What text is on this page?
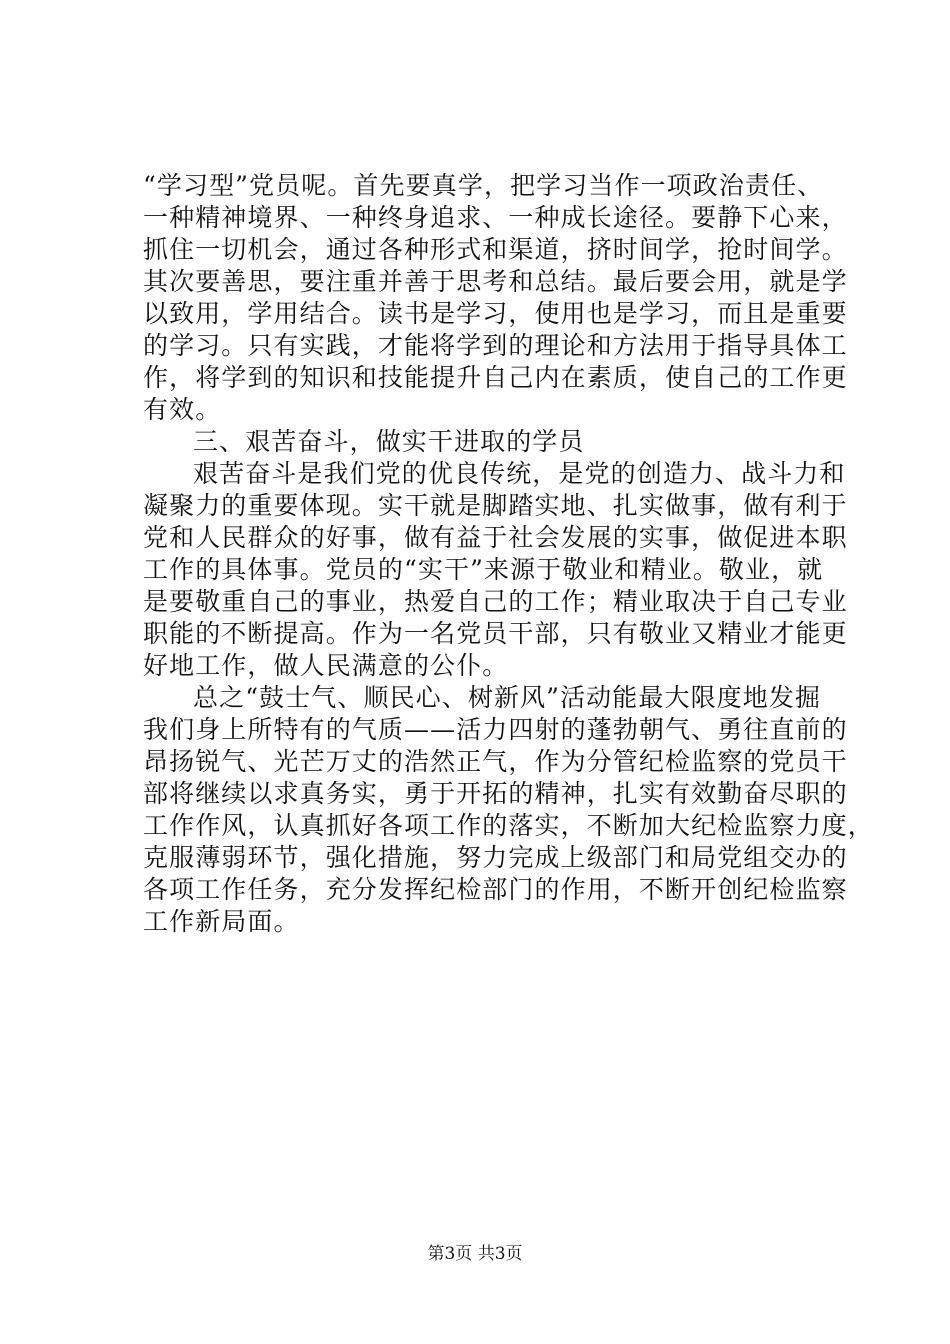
“学习型”党员呢。首先要真学，把学习当作一项政治责任、
一种精神境界、一种终身追求、一种成长途径。要静下心来，
抓住一切机会，通过各种形式和渠道，挤时间学，抢时间学。
其次要善思，要注重并善于思考和总结。最后要会用，就是学
以致用，学用结合。读书是学习，使用也是学习，而且是重要
的学习。只有实践，才能将学到的理论和方法用于指导具体工
作，将学到的知识和技能提升自己内在素质，使自己的工作更
有效。
三、艰苦奋斗，做实干进取的学员
艰苦奋斗是我们党的优良传统，是党的创造力、战斗力和
凝聚力的重要体现。实干就是脚踏实地、扎实做事，做有利于
党和人民群众的好事，做有益于社会发展的实事，做促进本职
工作的具体事。党员的“实干”来源于敬业和精业。敬业，就
是要敬重自己的事业，热爱自己的工作；精业取决于自己专业
职能的不断提高。作为一名党员干部，只有敬业又精业才能更
好地工作，做人民满意的公仆。
总之“鼓士气、顺民心、树新风”活动能最大限度地发掘
我们身上所特有的气质——活力四射的蓬勃朝气、勇往直前的
昂扬锐气、光芒万丈的浩然正气，作为分管纪检监察的党员干
部将继续以求真务实，勇于开拓的精神，扎实有效勤奋尽职的
工作作风，认真抓好各项工作的落实，不断加大纪检监察力度，
克服薄弱环节，强化措施，努力完成上级部门和局党组交办的
各项工作任务，充分发挥纪检部门的作用，不断开创纪检监察
工作新局面。
第3页 共3页
